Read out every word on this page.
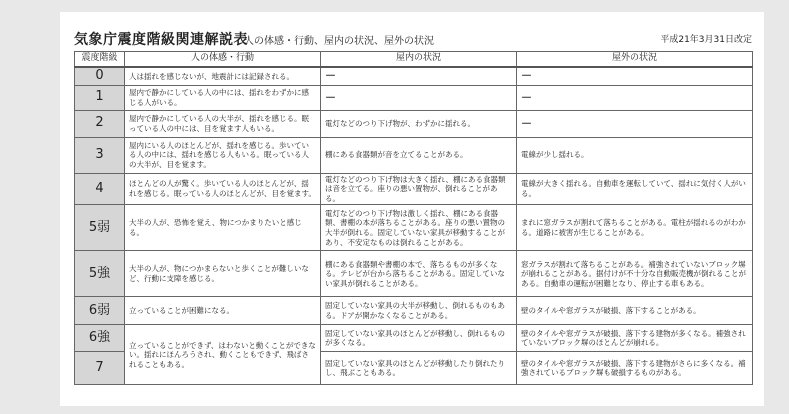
気象庁震度階級関連解説表
人の体感・行動、屋内の状況、屋外の状況	平成21年3月31日改定
震度階級	人の体感・行動	屋内の状況	屋外の状況
0	人は揺れを感じないが、地震計には記録される。	－	－
1	屋内で静かにしている人の中には、揺れをわずかに感じる人がいる。	－	－
2	屋内で静かにしている人の大半が、揺れを感じる。眠っている人の中には、目を覚ます人もいる。	電灯などのつり下げ物が、わずかに揺れる。	－
3	屋内にいる人のほとんどが、揺れを感じる。歩いている人の中には、揺れを感じる人もいる。眠っている人の大半が、目を覚ます。	棚にある食器類が音を立てることがある。	電線が少し揺れる。
4	ほとんどの人が驚く。歩いている人のほとんどが、揺れを感じる。眠っている人のほとんどが、目を覚ます。	電灯などのつり下げ物は大きく揺れ、棚にある食器類は音を立てる。座りの悪い置物が、倒れることがある。	電線が大きく揺れる。自動車を運転していて、揺れに気付く人がいる。
5弱	大半の人が、恐怖を覚え、物につかまりたいと感じる。	電灯などのつり下げ物は激しく揺れ、棚にある食器類、書棚の本が落ちることがある。座りの悪い置物の大半が倒れる。固定していない家具が移動することがあり、不安定なものは倒れることがある。	まれに窓ガラスが割れて落ちることがある。電柱が揺れるのがわかる。道路に被害が生じることがある。
5強	大半の人が、物につかまらないと歩くことが難しいなど、行動に支障を感じる。	棚にある食器類や書棚の本で、落ちるものが多くなる。テレビが台から落ちることがある。固定していない家具が倒れることがある。	窓ガラスが割れて落ちることがある。補強されていないブロック塀が崩れることがある。据付けが不十分な自動販売機が倒れることがある。自動車の運転が困難となり、停止する車もある。
6弱	立っていることが困難になる。	固定していない家具の大半が移動し、倒れるものもある。ドアが開かなくなることがある。	壁のタイルや窓ガラスが破損、落下することがある。
6強	立っていることができず、はわないと動くことができない。揺れにほんろうされ、動くこともできず、飛ばされることもある。	固定していない家具のほとんどが移動し、倒れるものが多くなる。	壁のタイルや窓ガラスが破損、落下する建物が多くなる。補強されていないブロック塀のほとんどが崩れる。
7		固定していない家具のほとんどが移動したり倒れたりし、飛ぶこともある。	壁のタイルや窓ガラスが破損、落下する建物がさらに多くなる。補強されているブロック塀も破損するものがある。
